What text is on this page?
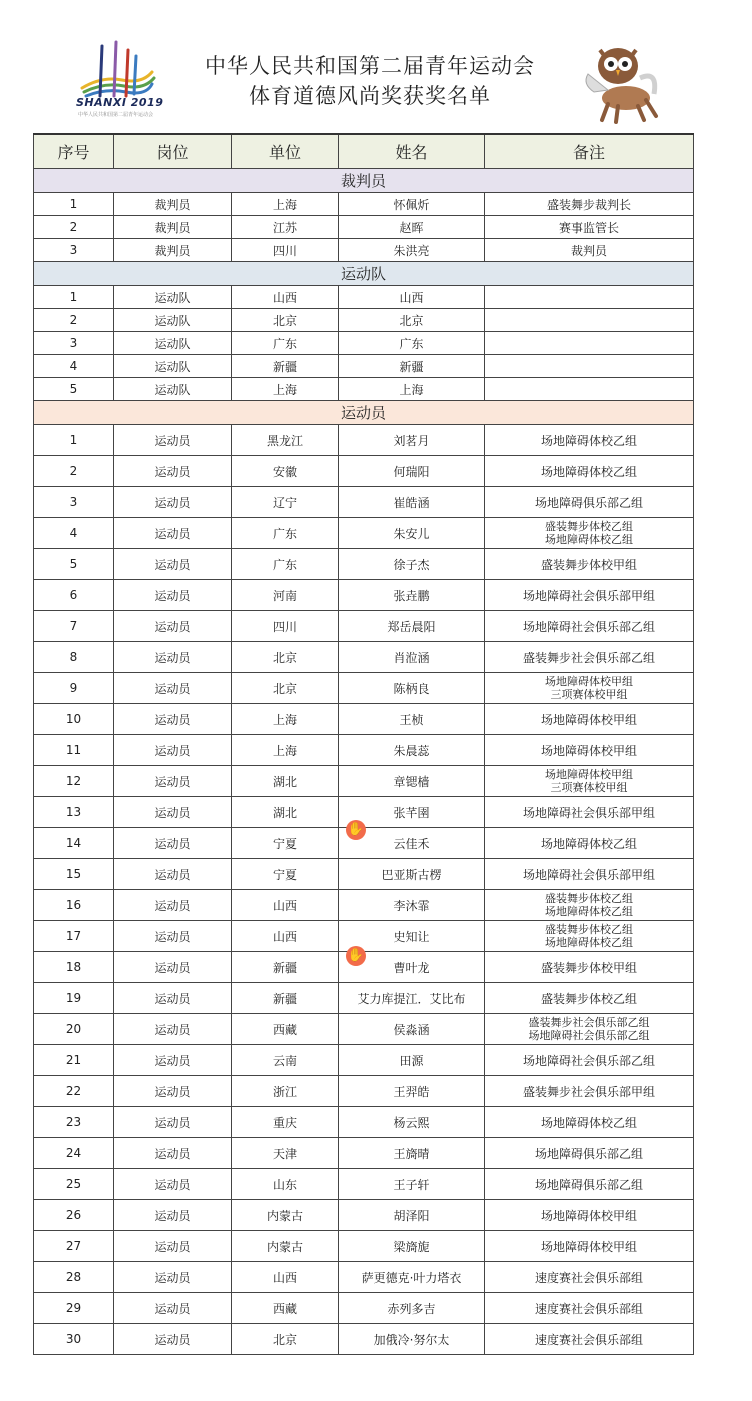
SHANXI 2019
中华人民共和国第二届青年运动会
中华人民共和国第二届青年运动会
体育道德风尚奖获奖名单
序号	岗位	单位	姓名	备注
裁判员				
1	裁判员	上海	怀佩炘	盛装舞步裁判长
2	裁判员	江苏	赵晖	赛事监管长
3	裁判员	四川	朱洪亮	裁判员
运动队				
1	运动队	山西	山西	
2	运动队	北京	北京	
3	运动队	广东	广东	
4	运动队	新疆	新疆	
5	运动队	上海	上海	
运动员				
1	运动员	黑龙江	刘茗月	场地障碍体校乙组
2	运动员	安徽	何瑞阳	场地障碍体校乙组
3	运动员	辽宁	崔皓涵	场地障碍俱乐部乙组
4	运动员	广东	朱安儿	盛装舞步体校乙组
场地障碍体校乙组

5	运动员	广东	徐子杰	盛装舞步体校甲组
6	运动员	河南	张垚鹏	场地障碍社会俱乐部甲组
7	运动员	四川	郑岳晨阳	场地障碍社会俱乐部乙组
8	运动员	北京	肖涖涵	盛装舞步社会俱乐部乙组
9	运动员	北京	陈柄良	场地障碍体校甲组
三项赛体校甲组

10	运动员	上海	王桢	场地障碍体校甲组
11	运动员	上海	朱晨蕊	场地障碍体校甲组
12	运动员	湖北	章锶樯	场地障碍体校甲组
三项赛体校甲组

13	运动员	湖北	张芊圉	场地障碍社会俱乐部甲组
14	运动员	宁夏	云佳禾	场地障碍体校乙组
15	运动员	宁夏	巴亚斯古楞	场地障碍社会俱乐部甲组
16	运动员	山西	李沐霏	盛装舞步体校乙组
场地障碍体校乙组

17	运动员	山西	史知让	盛装舞步体校乙组
场地障碍体校乙组

18	运动员	新疆	曹叶龙	盛装舞步体校甲组
19	运动员	新疆	艾力库提江．艾比布	盛装舞步体校乙组
20	运动员	西藏	侯淼涵	盛装舞步社会俱乐部乙组
场地障碍社会俱乐部乙组

21	运动员	云南	田源	场地障碍社会俱乐部乙组
22	运动员	浙江	王羿皓	盛装舞步社会俱乐部甲组
23	运动员	重庆	杨云熙	场地障碍体校乙组
24	运动员	天津	王旖晴	场地障碍俱乐部乙组
25	运动员	山东	王子轩	场地障碍俱乐部乙组
26	运动员	内蒙古	胡泽阳	场地障碍体校甲组
27	运动员	内蒙古	梁旖旎	场地障碍体校甲组
28	运动员	山西	萨更德克·叶力塔衣	速度赛社会俱乐部组
29	运动员	西藏	赤列多吉	速度赛社会俱乐部组
30	运动员	北京	加俄冷·努尔太	速度赛社会俱乐部组
✋
✋
